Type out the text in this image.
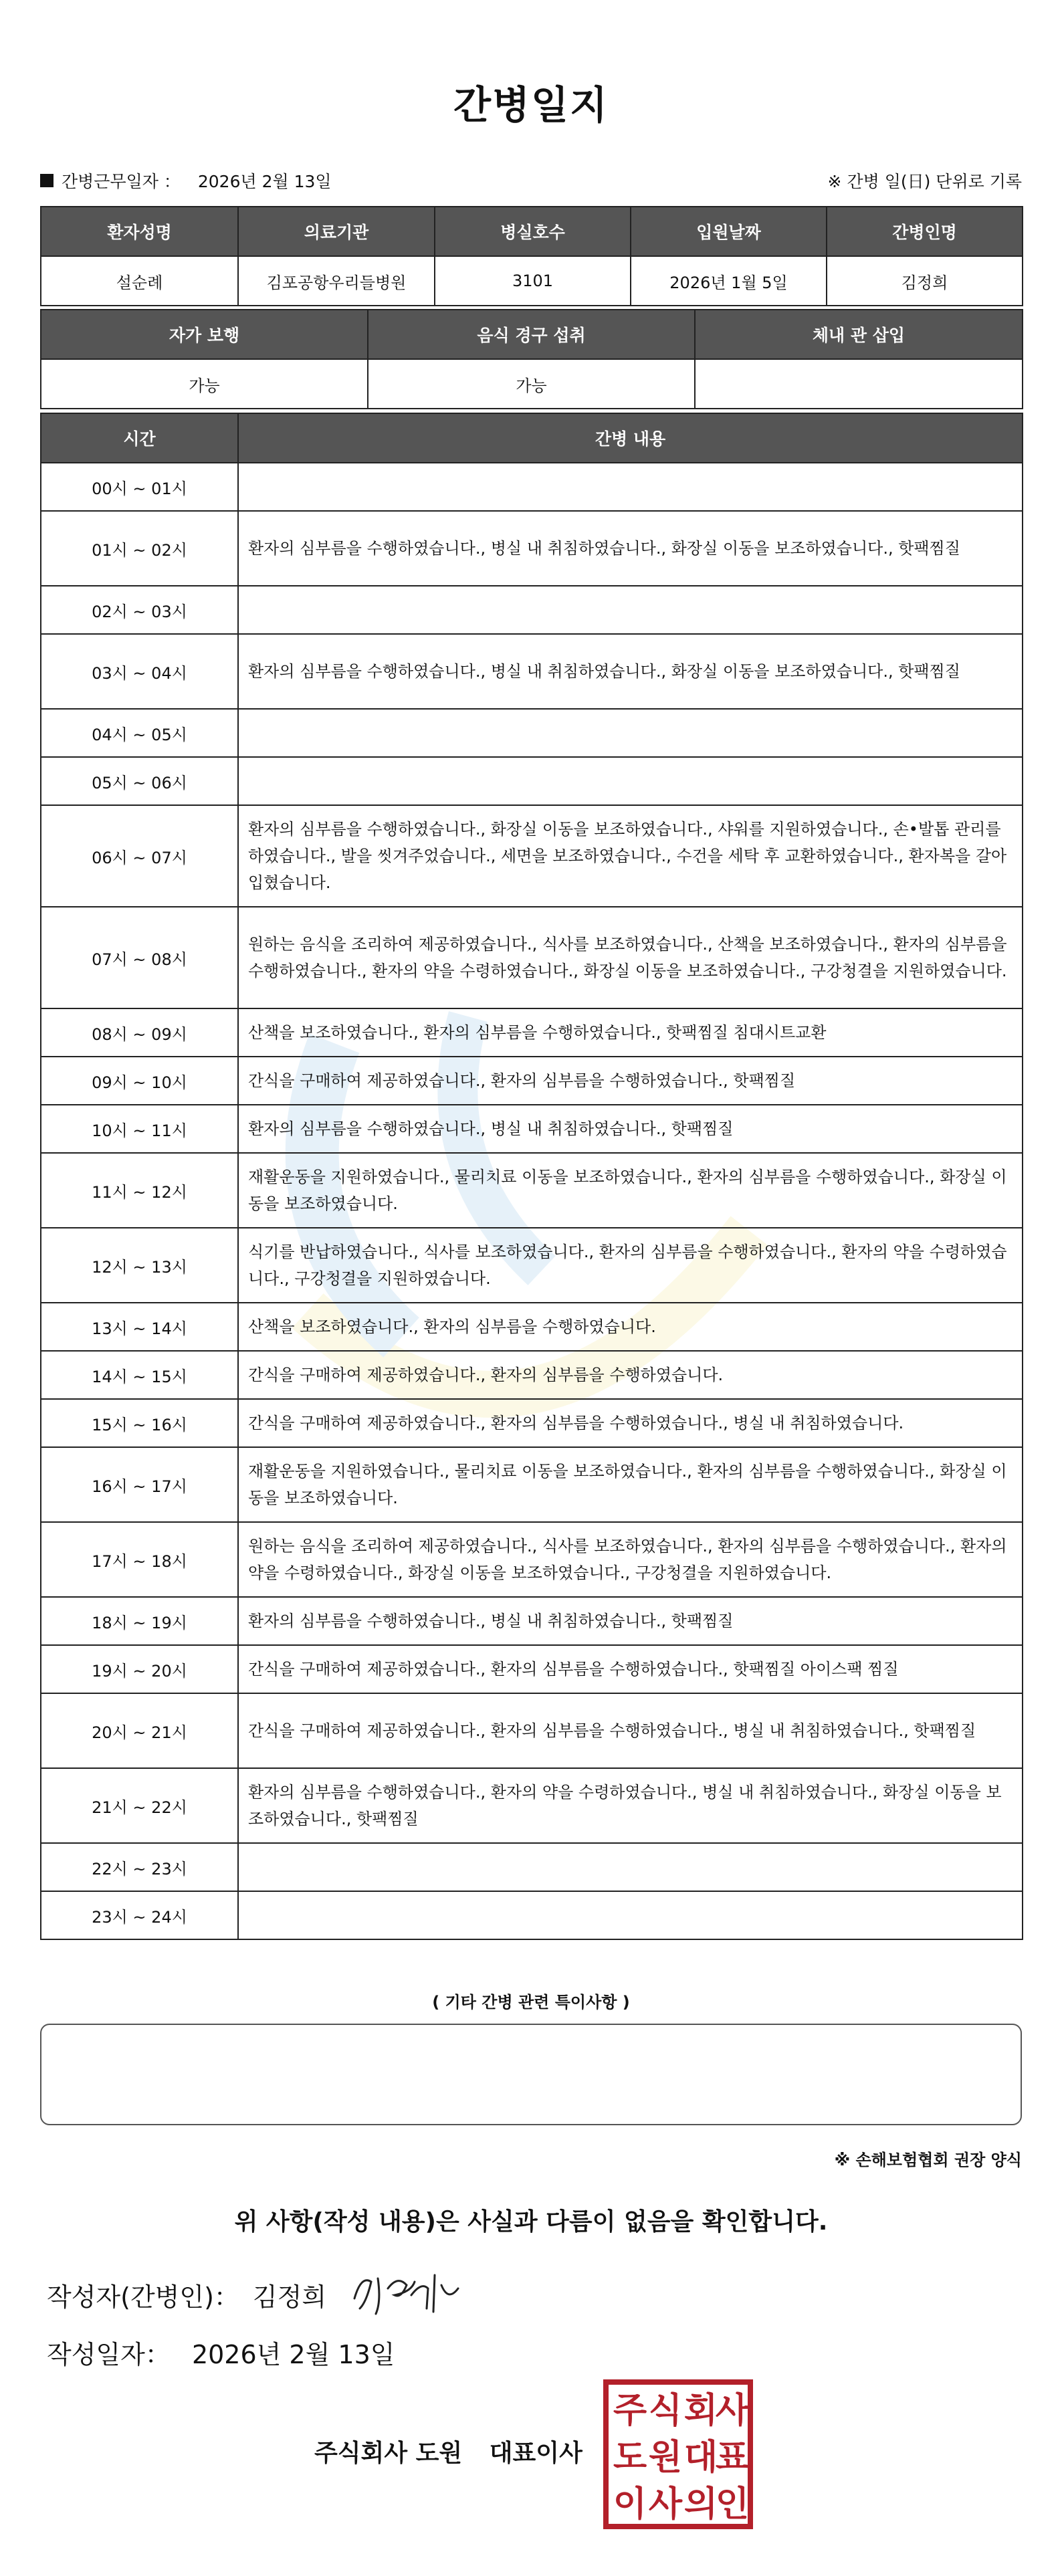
간병일지
간병근무일자 ： 2026년 2월 13일	※ 간병 일(日) 단위로 기록
환자성명	의료기관	병실호수	입원날짜	간병인명
설순례	김포공항우리들병원	3101	2026년 1월 5일	김정희
자가 보행	음식 경구 섭취	체내 관 삽입
가능	가능	
시간	간병 내용
00시 ~ 01시	
01시 ~ 02시	환자의 심부름을 수행하였습니다., 병실 내 취침하였습니다., 화장실 이동을 보조하였습니다., 핫팩찜질
02시 ~ 03시	
03시 ~ 04시	환자의 심부름을 수행하였습니다., 병실 내 취침하였습니다., 화장실 이동을 보조하였습니다., 핫팩찜질
04시 ~ 05시	
05시 ~ 06시	
06시 ~ 07시	환자의 심부름을 수행하였습니다., 화장실 이동을 보조하였습니다., 샤워를 지원하였습니다., 손•발톱 관리를 하였습니다., 발을 씻겨주었습니다., 세면을 보조하였습니다., 수건을 세탁 후 교환하였습니다., 환자복을 갈아입혔습니다.
07시 ~ 08시	원하는 음식을 조리하여 제공하였습니다., 식사를 보조하였습니다., 산책을 보조하였습니다., 환자의 심부름을 수행하였습니다., 환자의 약을 수령하였습니다., 화장실 이동을 보조하였습니다., 구강청결을 지원하였습니다.
08시 ~ 09시	산책을 보조하였습니다., 환자의 심부름을 수행하였습니다., 핫팩찜질 침대시트교환
09시 ~ 10시	간식을 구매하여 제공하였습니다., 환자의 심부름을 수행하였습니다., 핫팩찜질
10시 ~ 11시	환자의 심부름을 수행하였습니다., 병실 내 취침하였습니다., 핫팩찜질
11시 ~ 12시	재활운동을 지원하였습니다., 물리치료 이동을 보조하였습니다., 환자의 심부름을 수행하였습니다., 화장실 이동을 보조하였습니다.
12시 ~ 13시	식기를 반납하였습니다., 식사를 보조하였습니다., 환자의 심부름을 수행하였습니다., 환자의 약을 수령하였습니다., 구강청결을 지원하였습니다.
13시 ~ 14시	산책을 보조하였습니다., 환자의 심부름을 수행하였습니다.
14시 ~ 15시	간식을 구매하여 제공하였습니다., 환자의 심부름을 수행하였습니다.
15시 ~ 16시	간식을 구매하여 제공하였습니다., 환자의 심부름을 수행하였습니다., 병실 내 취침하였습니다.
16시 ~ 17시	재활운동을 지원하였습니다., 물리치료 이동을 보조하였습니다., 환자의 심부름을 수행하였습니다., 화장실 이동을 보조하였습니다.
17시 ~ 18시	원하는 음식을 조리하여 제공하였습니다., 식사를 보조하였습니다., 환자의 심부름을 수행하였습니다., 환자의 약을 수령하였습니다., 화장실 이동을 보조하였습니다., 구강청결을 지원하였습니다.
18시 ~ 19시	환자의 심부름을 수행하였습니다., 병실 내 취침하였습니다., 핫팩찜질
19시 ~ 20시	간식을 구매하여 제공하였습니다., 환자의 심부름을 수행하였습니다., 핫팩찜질 아이스팩 찜질
20시 ~ 21시	간식을 구매하여 제공하였습니다., 환자의 심부름을 수행하였습니다., 병실 내 취침하였습니다., 핫팩찜질
21시 ~ 22시	환자의 심부름을 수행하였습니다., 환자의 약을 수령하였습니다., 병실 내 취침하였습니다., 화장실 이동을 보조하였습니다., 핫팩찜질
22시 ~ 23시	
23시 ~ 24시	
( 기타 간병 관련 특이사항 )
※ 손해보험협회 권장 양식
위 사항(작성 내용)은 사실과 다름이 없음을 확인합니다.
작성자(간병인)： 김정희
작성일자： 2026년 2월 13일
주식회사 도원 대표이사
주 식 회
사
도 원 대
표
이 사 의
인
